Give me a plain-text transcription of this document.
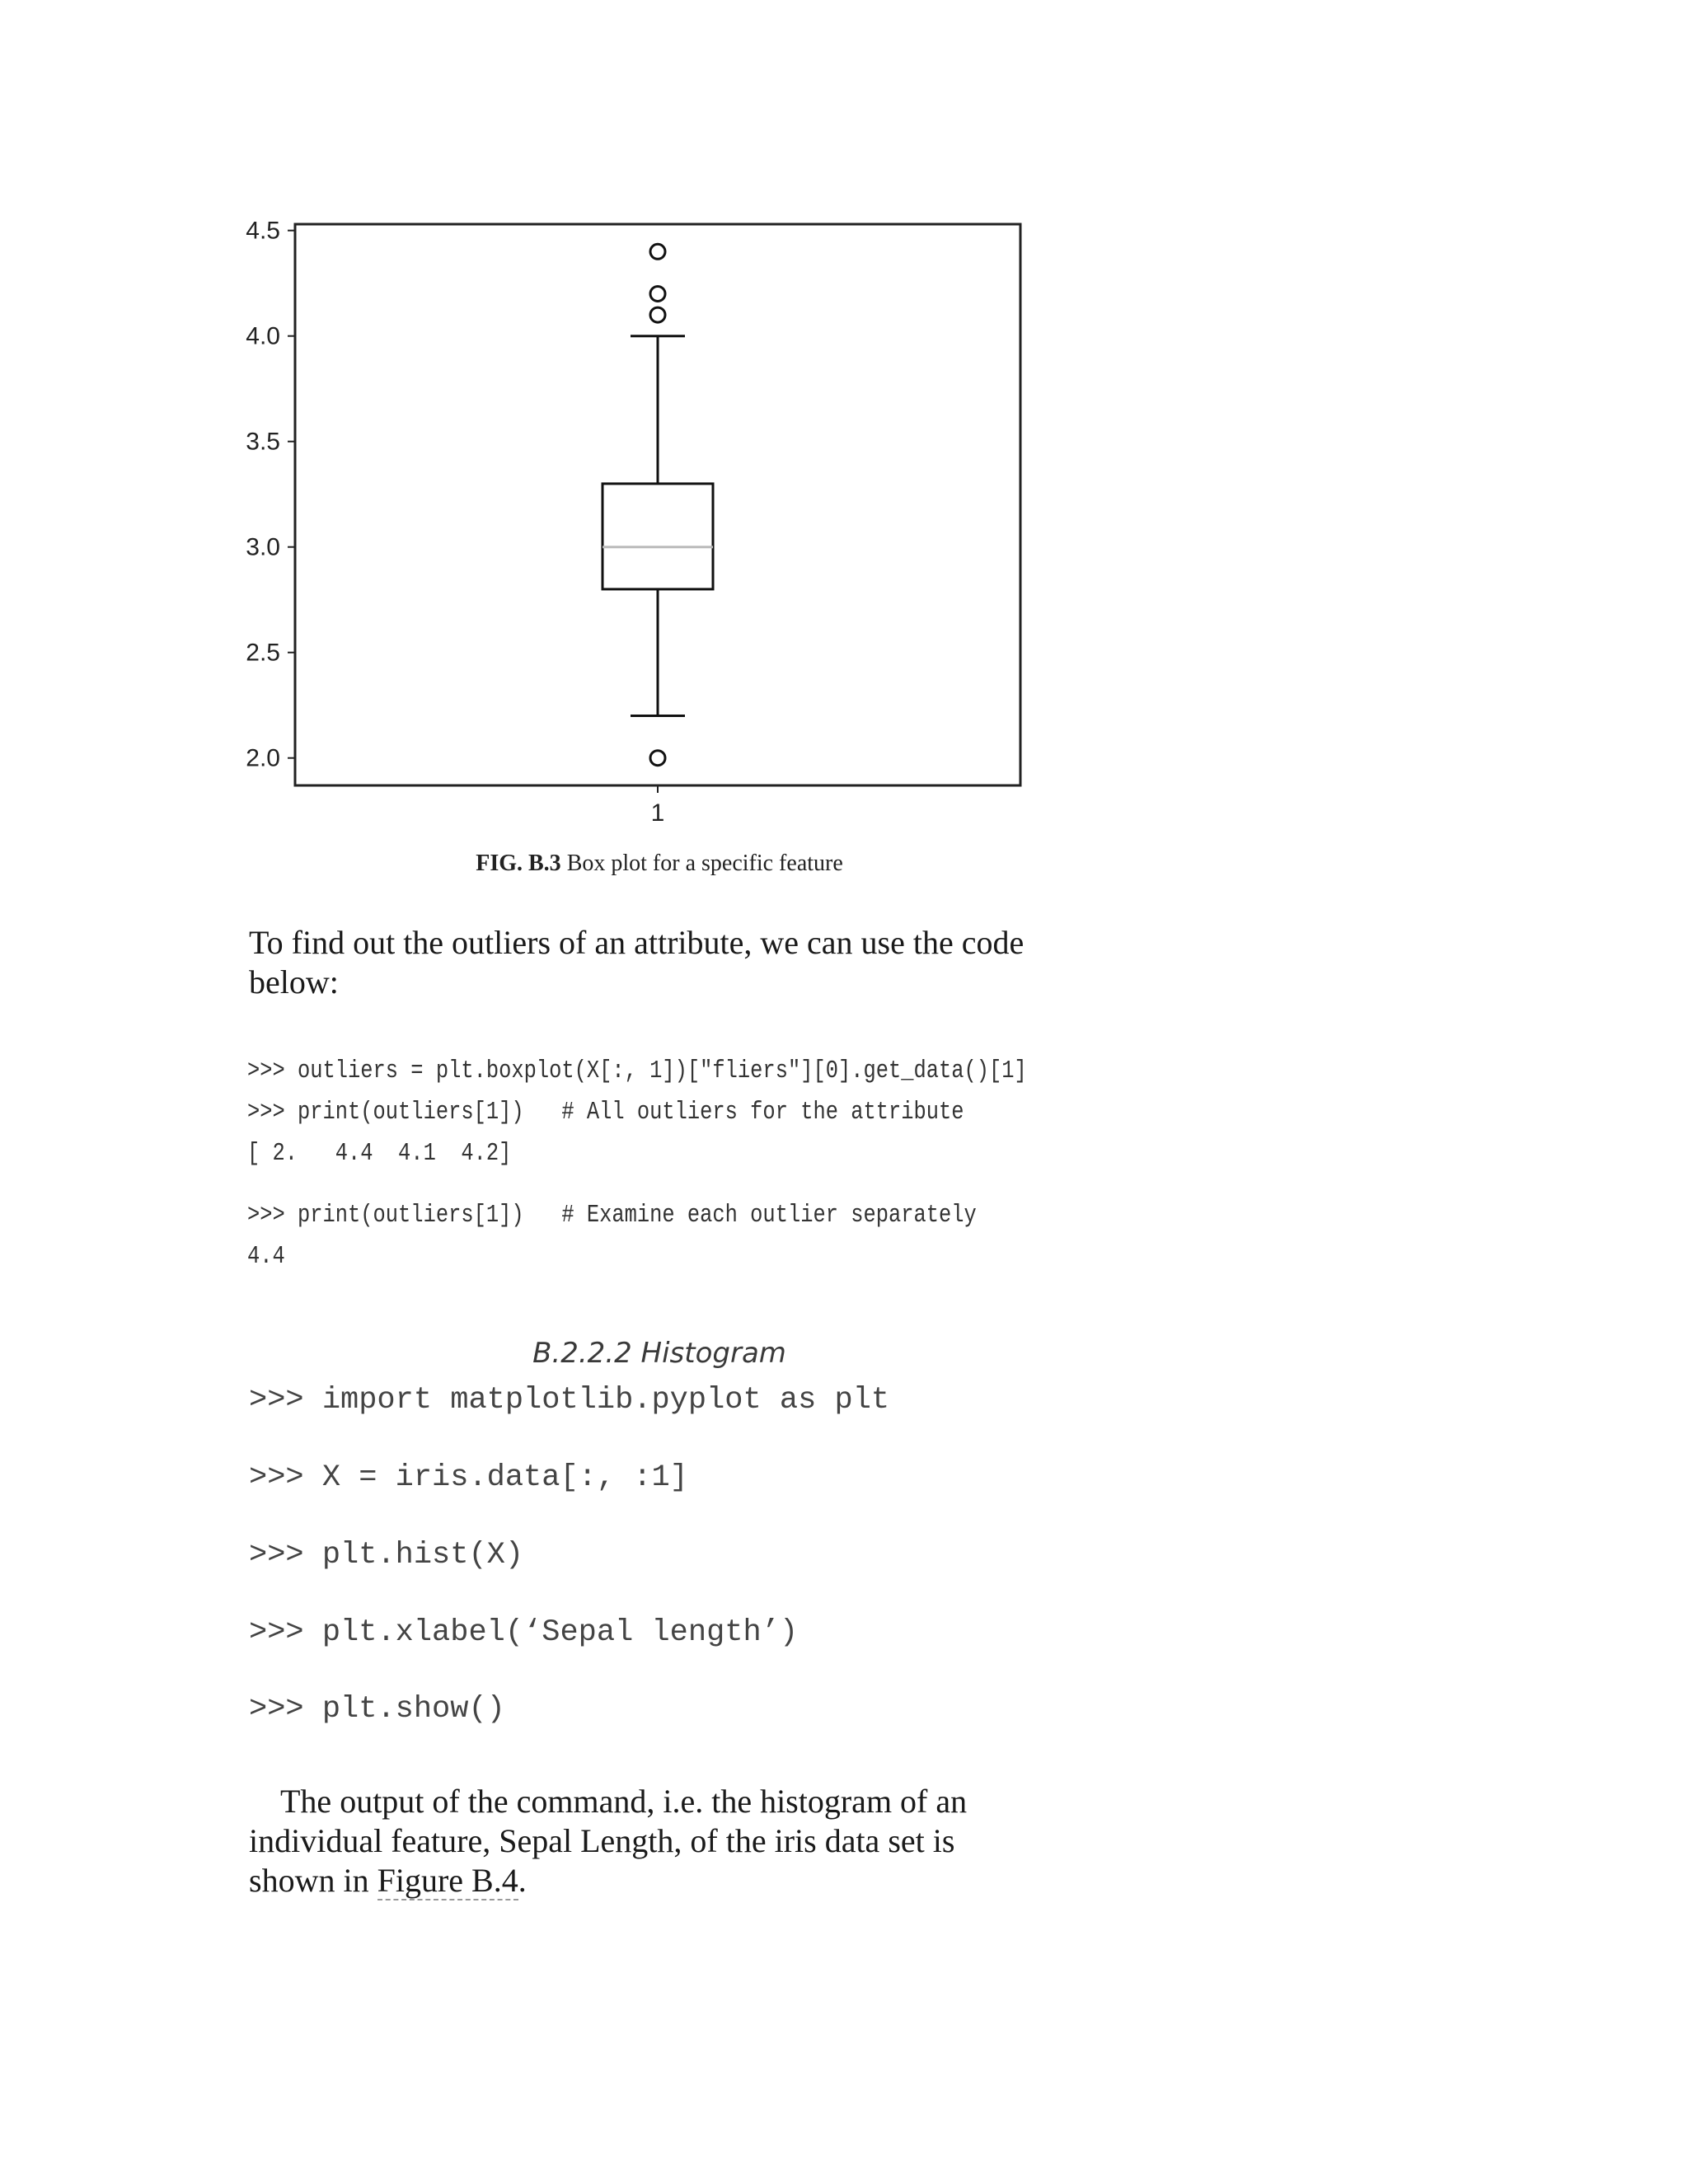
2.0
2.5
3.0
3.5
4.0
4.5
1
FIG. B.3 Box plot for a specific feature
To find out the outliers of an attribute, we can use the code below:
>>> outliers = plt.boxplot(X[:, 1])["fliers"][0].get_data()[1]
>>> print(outliers[1])   # All outliers for the attribute
[ 2.   4.4  4.1  4.2]
>>> print(outliers[1])   # Examine each outlier separately
4.4
B.2.2.2 Histogram
>>> import matplotlib.pyplot as plt
>>> X = iris.data[:, :1]
>>> plt.hist(X)
>>> plt.xlabel(‘Sepal length’)
>>> plt.show()
The output of the command, i.e. the histogram of an individual feature, Sepal Length, of the iris data set is shown in Figure B.4.
